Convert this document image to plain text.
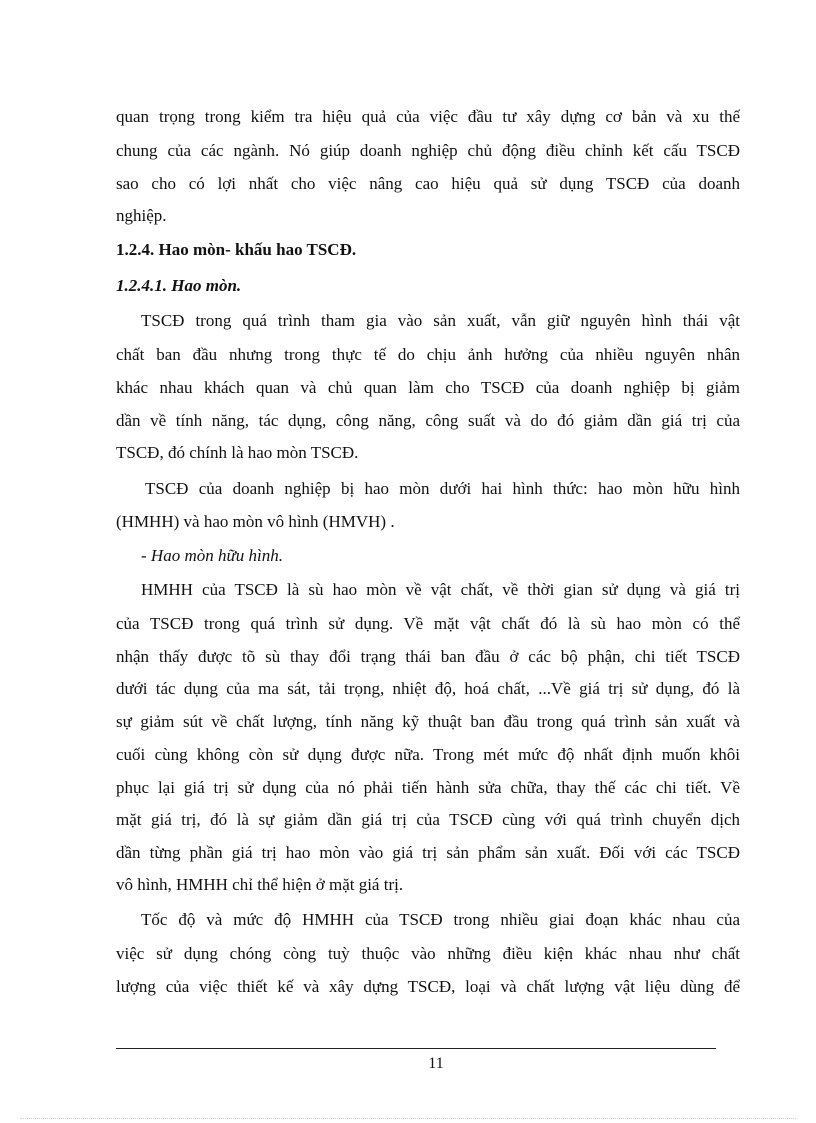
quan trọng trong kiểm tra hiệu quả của việc đầu tư xây dựng cơ bản và xu thế
chung của các ngành. Nó giúp doanh nghiệp chủ động điều chỉnh kết cấu TSCĐ
sao cho có lợi nhất cho việc nâng cao hiệu quả sử dụng TSCĐ của doanh
nghiệp.
1.2.4. Hao mòn- khấu hao TSCĐ.
1.2.4.1. Hao mòn.
TSCĐ trong quá trình tham gia vào sản xuất, vẫn giữ nguyên hình thái vật
chất ban đầu nhưng trong thực tế do chịu ảnh hưởng của nhiều nguyên nhân
khác nhau khách quan và chủ quan làm cho TSCĐ của doanh nghiệp bị giảm
dần về tính năng, tác dụng, công năng, công suất và do đó giảm dần giá trị của
TSCĐ, đó chính là hao mòn TSCĐ.
TSCĐ của doanh nghiệp bị hao mòn dưới hai hình thức: hao mòn hữu hình
(HMHH) và hao mòn vô hình (HMVH) .
- Hao mòn hữu hình.
HMHH của TSCĐ là sù hao mòn về vật chất, về thời gian sử dụng và giá trị
của TSCĐ trong quá trình sử dụng. Về mặt vật chất đó là sù hao mòn có thể
nhận thấy được tõ sù thay đổi trạng thái ban đầu ở các bộ phận, chi tiết TSCĐ
dưới tác dụng của ma sát, tải trọng, nhiệt độ, hoá chất, ...Về giá trị sử dụng, đó là
sự giảm sút về chất lượng, tính năng kỹ thuật ban đầu trong quá trình sản xuất và
cuối cùng không còn sử dụng được nữa. Trong mét mức độ nhất định muốn khôi
phục lại giá trị sử dụng của nó phải tiến hành sửa chữa, thay thế các chi tiết. Về
mặt giá trị, đó là sự giảm dần giá trị của TSCĐ cùng với quá trình chuyển dịch
dần từng phần giá trị hao mòn vào giá trị sản phẩm sản xuất. Đối với các TSCĐ
vô hình, HMHH chỉ thể hiện ở mặt giá trị.
Tốc độ và mức độ HMHH của TSCĐ trong nhiều giai đoạn khác nhau của
việc sử dụng chóng còng tuỳ thuộc vào những điều kiện khác nhau như chất
lượng của việc thiết kế và xây dựng TSCĐ, loại và chất lượng vật liệu dùng để
11
